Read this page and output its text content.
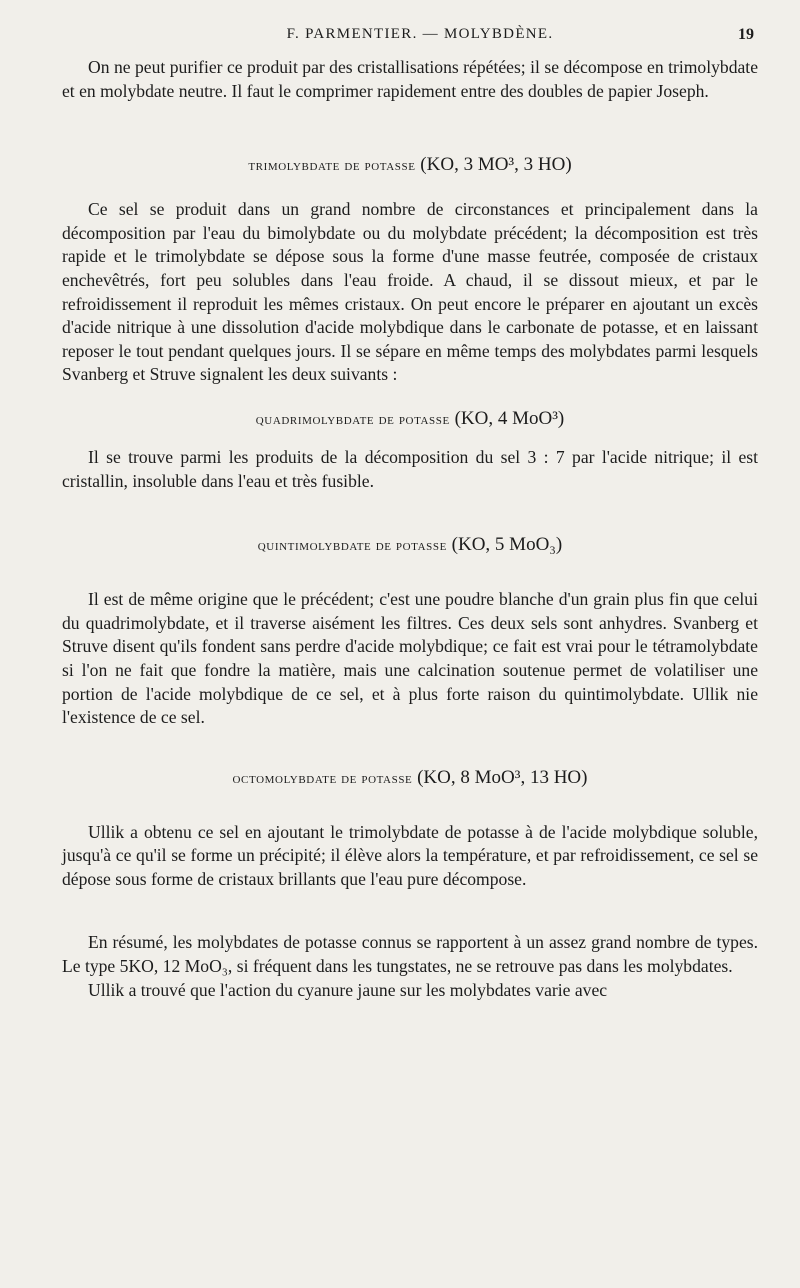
F. PARMENTIER. — MOLYBDÈNE.	19

On ne peut purifier ce produit par des cristallisations répétées; il se décompose en trimolybdate et en molybdate neutre. Il faut le comprimer rapidement entre des doubles de papier Joseph.

trimolybdate de potasse (KO, 3 MO³, 3 HO)

Ce sel se produit dans un grand nombre de circonstances et principalement dans la décomposition par l'eau du bimolybdate ou du molybdate précédent; la décomposition est très rapide et le trimolybdate se dépose sous la forme d'une masse feutrée, composée de cristaux enchevêtrés, fort peu solubles dans l'eau froide. A chaud, il se dissout mieux, et par le refroidissement il reproduit les mêmes cristaux. On peut encore le préparer en ajoutant un excès d'acide nitrique à une dissolution d'acide molybdique dans le carbonate de potasse, et en laissant reposer le tout pendant quelques jours. Il se sépare en même temps des molybdates parmi lesquels Svanberg et Struve signalent les deux suivants :

quadrimolybdate de potasse (KO, 4 MoO³)

Il se trouve parmi les produits de la décomposition du sel 3 : 7 par l'acide nitrique; il est cristallin, insoluble dans l'eau et très fusible.

quintimolybdate de potasse (KO, 5 MoO₃)

Il est de même origine que le précédent; c'est une poudre blanche d'un grain plus fin que celui du quadrimolybdate, et il traverse aisément les filtres. Ces deux sels sont anhydres. Svanberg et Struve disent qu'ils fondent sans perdre d'acide molybdique; ce fait est vrai pour le tétramolybdate si l'on ne fait que fondre la matière, mais une calcination soutenue permet de volatiliser une portion de l'acide molybdique de ce sel, et à plus forte raison du quintimolybdate. Ullik nie l'existence de ce sel.

octomolybdate de potasse (KO, 8 MoO³, 13 HO)

Ullik a obtenu ce sel en ajoutant le trimolybdate de potasse à de l'acide molybdique soluble, jusqu'à ce qu'il se forme un précipité; il élève alors la température, et par refroidissement, ce sel se dépose sous forme de cristaux brillants que l'eau pure décompose.

En résumé, les molybdates de potasse connus se rapportent à un assez grand nombre de types. Le type 5KO, 12 MoO₃, si fréquent dans les tungstates, ne se retrouve pas dans les molybdates.

Ullik a trouvé que l'action du cyanure jaune sur les molybdates varie avec
